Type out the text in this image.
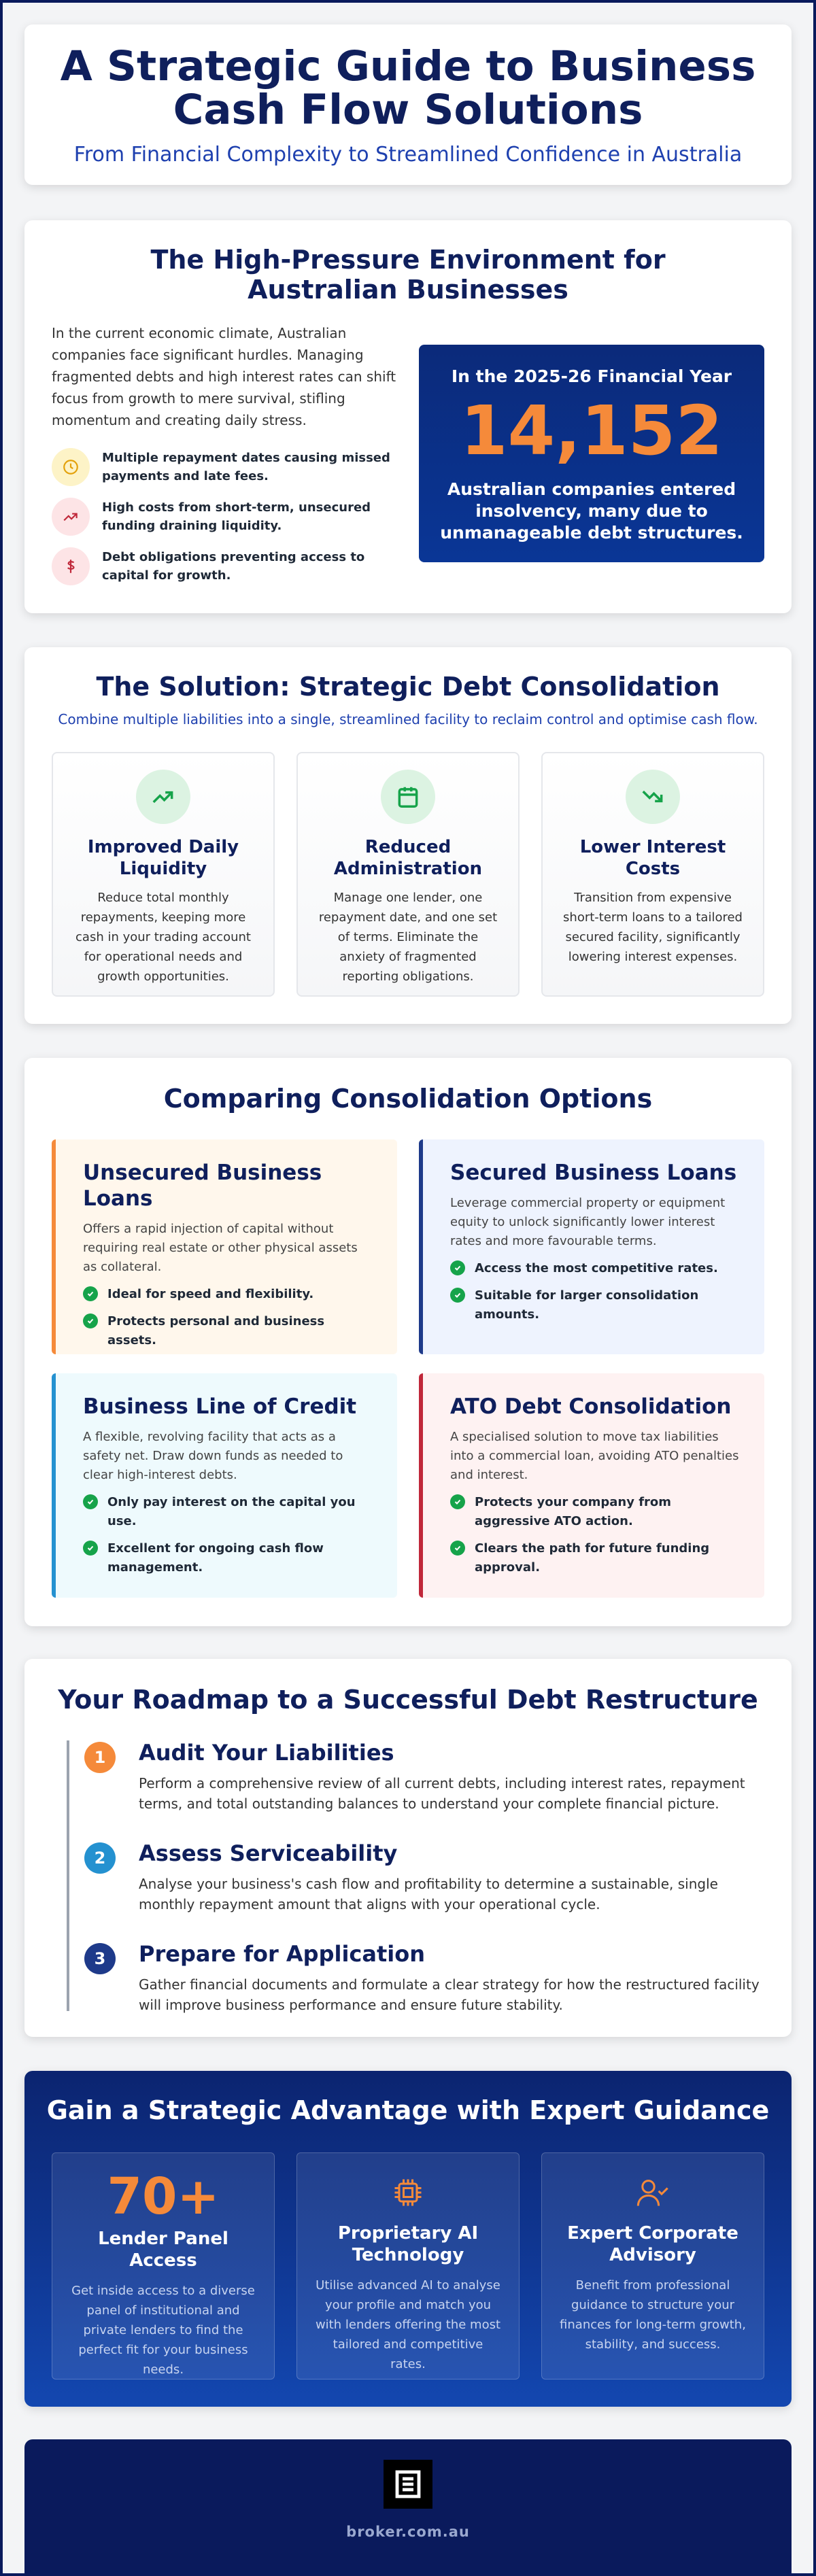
A Strategic Guide to Business
Cash Flow Solutions
From Financial Complexity to Streamlined Confidence in Australia
The High-Pressure Environment for Australian Businesses
In the current economic climate, Australian companies face significant hurdles. Managing fragmented debts and high interest rates can shift focus from growth to mere survival, stifling momentum and creating daily stress.
Multiple repayment dates causing missed payments and late fees.
High costs from short-term, unsecured funding draining liquidity.
Debt obligations preventing access to capital for growth.
In the 2025-26 Financial Year
14,152
Australian companies entered insolvency, many due to unmanageable debt structures.
The Solution: Strategic Debt Consolidation
Combine multiple liabilities into a single, streamlined facility to reclaim control and optimise cash flow.
Improved Daily Liquidity
Reduce total monthly repayments, keeping more cash in your trading account for operational needs and growth opportunities.
Reduced Administration
Manage one lender, one repayment date, and one set of terms. Eliminate the anxiety of fragmented reporting obligations.
Lower Interest Costs
Transition from expensive short-term loans to a tailored secured facility, significantly lowering interest expenses.
Comparing Consolidation Options
Unsecured Business Loans
Offers a rapid injection of capital without requiring real estate or other physical assets as collateral.
Ideal for speed and flexibility.
Protects personal and business assets.
Secured Business Loans
Leverage commercial property or equipment equity to unlock significantly lower interest rates and more favourable terms.
Access the most competitive rates.
Suitable for larger consolidation amounts.
Business Line of Credit
A flexible, revolving facility that acts as a safety net. Draw down funds as needed to clear high-interest debts.
Only pay interest on the capital you use.
Excellent for ongoing cash flow management.
ATO Debt Consolidation
A specialised solution to move tax liabilities into a commercial loan, avoiding ATO penalties and interest.
Protects your company from aggressive ATO action.
Clears the path for future funding approval.
Your Roadmap to a Successful Debt Restructure
1	Audit Your Liabilities
Perform a comprehensive review of all current debts, including interest rates, repayment terms, and total outstanding balances to understand your complete financial picture.
2	Assess Serviceability
Analyse your business's cash flow and profitability to determine a sustainable, single monthly repayment amount that aligns with your operational cycle.
3	Prepare for Application
Gather financial documents and formulate a clear strategy for how the restructured facility will improve business performance and ensure future stability.
Gain a Strategic Advantage with Expert Guidance
70+
Lender Panel Access
Get inside access to a diverse panel of institutional and private lenders to find the perfect fit for your business needs.
Proprietary AI Technology
Utilise advanced AI to analyse your profile and match you with lenders offering the most tailored and competitive rates.
Expert Corporate Advisory
Benefit from professional guidance to structure your finances for long-term growth, stability, and success.
broker.com.au
